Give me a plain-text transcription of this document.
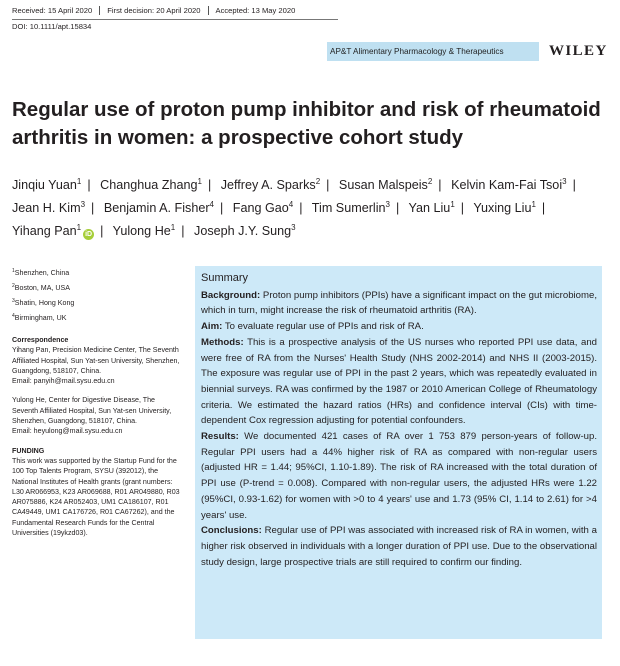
Received: 15 April 2020 First decision: 20 April 2020 Accepted: 13 May 2020
DOI: 10.1111/apt.15834
AP&T Alimentary Pharmacology & Therapeutics	WILEY
Regular use of proton pump inhibitor and risk of rheumatoid arthritis in women: a prospective cohort study
Jinqiu Yuan$^1$ | Changhua Zhang$^1$ | Jeffrey A. Sparks$^2$ | Susan Malspeis$^2$ | Kelvin Kam-Fai Tsoi$^3$ | Jean H. Kim$^3$ | Benjamin A. Fisher$^4$ | Fang Gao$^4$ | Tim Sumerlin$^3$ | Yan Liu$^1$ | Yuxing Liu$^1$ | Yihang Pan$^1$iD | Yulong He$^1$ | Joseph J.Y. Sung$^3$
$^1$Shenzhen, China
$^2$Boston, MA, USA
$^3$Shatin, Hong Kong
$^4$Birmingham, UK
Correspondence
Yihang Pan, Precision Medicine Center, The Seventh Affiliated Hospital, Sun Yat-sen University, Shenzhen, Guangdong, 518107, China.
Email: panyih@mail.sysu.edu.cn
Yulong He, Center for Digestive Disease, The Seventh Affiliated Hospital, Sun Yat-sen University, Shenzhen, Guangdong, 518107, China.
Email: heyulong@mail.sysu.edu.cn
FUNDING
This work was supported by the Startup Fund for the 100 Top Talents Program, SYSU (392012), the National Institutes of Health grants (grant numbers: L30 AR066953, K23 AR069688, R01 AR049880, R03 AR075886, K24 AR052403, UM1 CA186107, R01 CA49449, UM1 CA176726, R01 CA67262), and the Fundamental Research Funds for the Central Universities (19ykzd03).
Summary

Background: Proton pump inhibitors (PPIs) have a significant impact on the gut microbiome, which in turn, might increase the risk of rheumatoid arthritis (RA).

Aim: To evaluate regular use of PPIs and risk of RA.

Methods: This is a prospective analysis of the US nurses who reported PPI use data, and were free of RA from the Nurses' Health Study (NHS 2002-2014) and NHS II (2003-2015). The exposure was regular use of PPI in the past 2 years, which was repeatedly evaluated in biennial surveys. RA was confirmed by the 1987 or 2010 American College of Rheumatology criteria. We estimated the hazard ratios (HRs) and confidence interval (CIs) with time-dependent Cox regression adjusting for potential confounders.

Results: We documented 421 cases of RA over 1 753 879 person-years of follow-up. Regular PPI users had a 44% higher risk of RA as compared with non-regular users (adjusted HR = 1.44; 95%CI, 1.10-1.89). The risk of RA increased with the total duration of PPI use (P-trend = 0.008). Compared with non-regular users, the adjusted HRs were 1.22 (95%CI, 0.93-1.62) for women with >0 to 4 years' use and 1.73 (95% CI, 1.14 to 2.61) for >4 years' use.

Conclusions: Regular use of PPI was associated with increased risk of RA in women, with a higher risk observed in individuals with a longer duration of PPI use. Due to the observational study design, large prospective trials are still required to confirm our finding.
